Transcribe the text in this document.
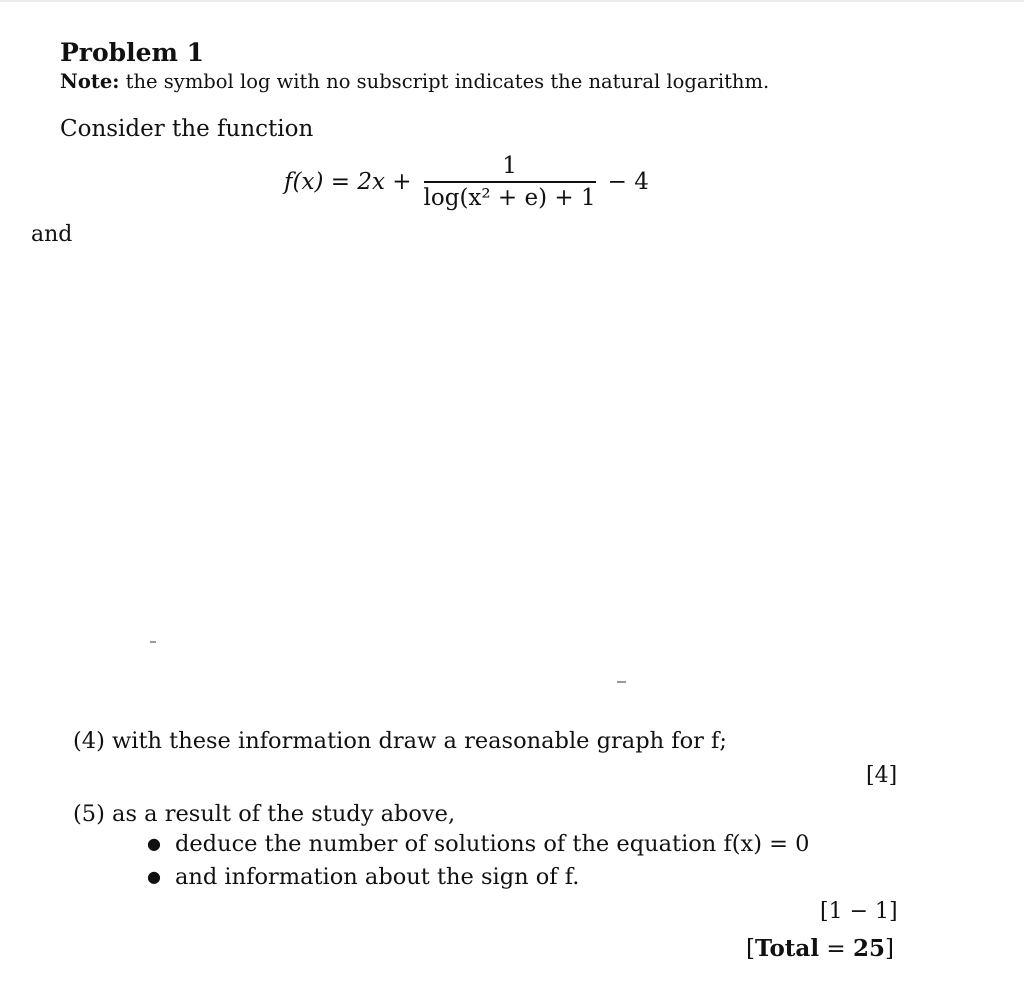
Problem 1
Note: the symbol log with no subscript indicates the natural logarithm.
Consider the function
$f(x) = 2x + \frac{1}{\text{log(x² + e) + 1}} - 4$
and
(4) with these information draw a reasonable graph for f;
[4]
(5) as a result of the study above,
● deduce the number of solutions of the equation f(x) = 0
● and information about the sign of f.
[1 − 1]
[Total = 25]
